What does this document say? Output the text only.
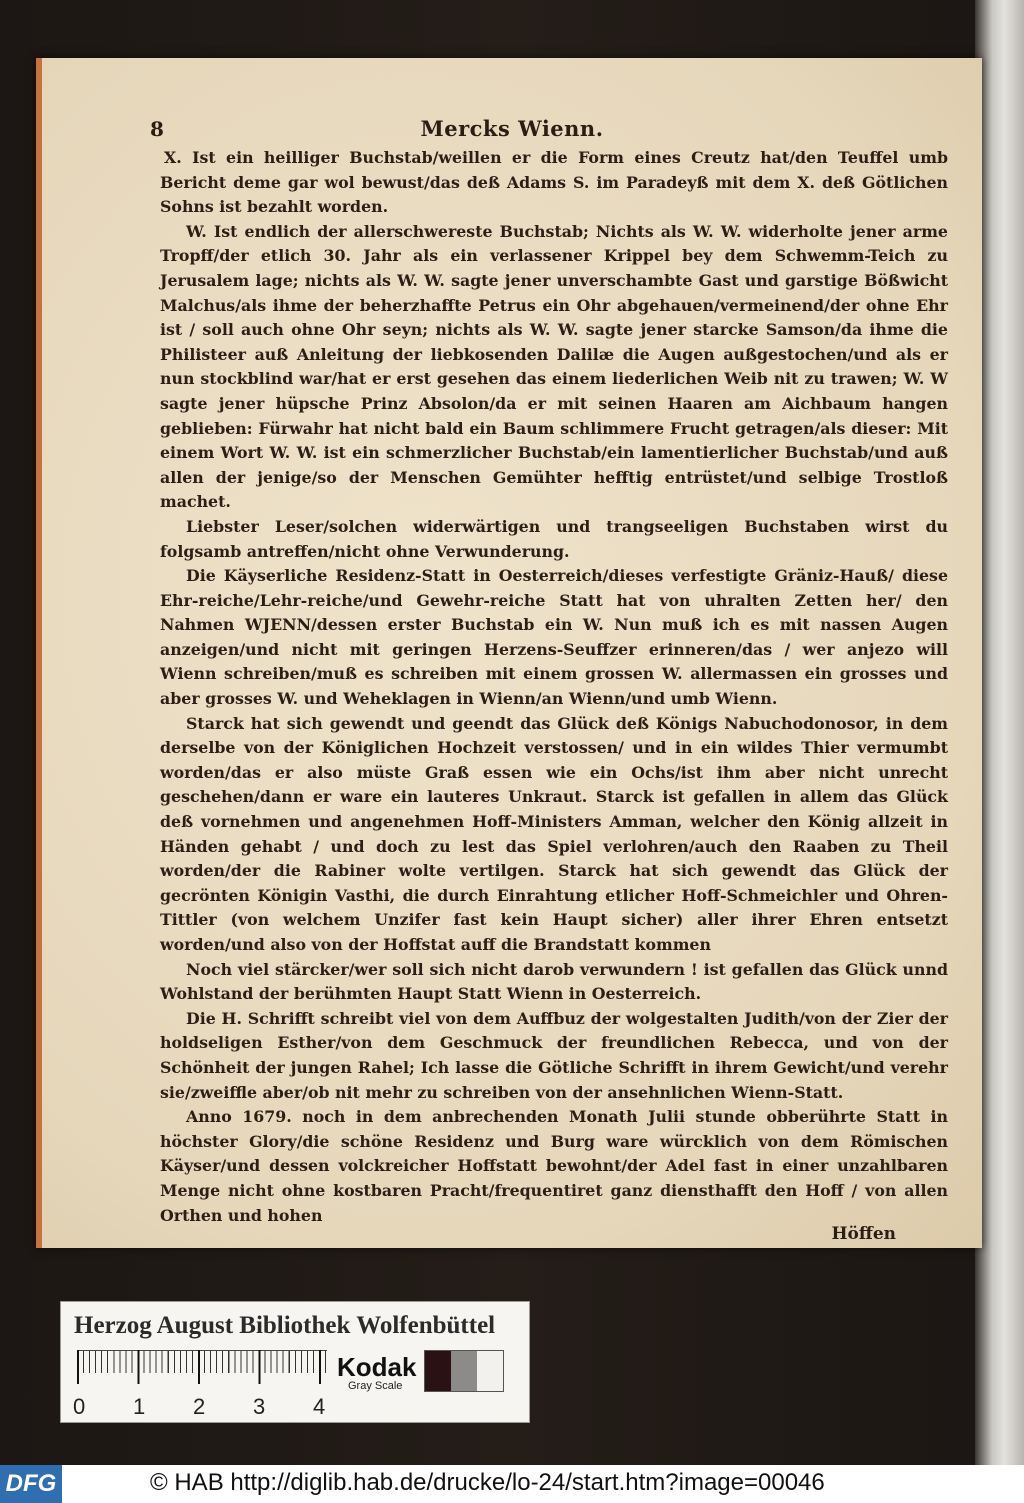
8	Mercks Wienn.

X. Ist ein heilliger Buchstab/weillen er die Form eines Creutz hat/den Teuffel umb Bericht deme gar wol bewust/das deß Adams S. im Paradeyß mit dem X. deß Götlichen Sohns ist bezahlt worden.

W. Ist endlich der allerschwereste Buchstab; Nichts als W. W. widerholte jener arme Tropff/der etlich 30. Jahr als ein verlassener Krippel bey dem Schwemm-Teich zu Jerusalem lage; nichts als W. W. sagte jener unverschambte Gast und garstige Bößwicht Malchus/als ihme der beherzhaffte Petrus ein Ohr abgehauen/vermeinend/der ohne Ehr ist / soll auch ohne Ohr seyn; nichts als W. W. sagte jener starcke Samson/da ihme die Philisteer auß Anleitung der liebkosenden Dalilæ die Augen außgestochen/und als er nun stockblind war/hat er erst gesehen das einem liederlichen Weib nit zu trawen; W. W sagte jener hüpsche Prinz Absolon/da er mit seinen Haaren am Aichbaum hangen geblieben: Fürwahr hat nicht bald ein Baum schlimmere Frucht getragen/als dieser: Mit einem Wort W. W. ist ein schmerzlicher Buchstab/ein lamentierlicher Buchstab/und auß allen der jenige/so der Menschen Gemühter hefftig entrüstet/und selbige Trostloß machet.

Liebster Leser/solchen widerwärtigen und trangseeligen Buchstaben wirst du folgsamb antreffen/nicht ohne Verwunderung.

Die Käyserliche Residenz-Statt in Oesterreich/dieses verfestigte Gräniz-Hauß/ diese Ehr-reiche/Lehr-reiche/und Gewehr-reiche Statt hat von uhralten Zetten her/ den Nahmen WJENN/dessen erster Buchstab ein W. Nun muß ich es mit nassen Augen anzeigen/und nicht mit geringen Herzens-Seuffzer erinneren/das / wer anjezo will Wienn schreiben/muß es schreiben mit einem grossen W. allermassen ein grosses und aber grosses W. und Weheklagen in Wienn/an Wienn/und umb Wienn.

Starck hat sich gewendt und geendt das Glück deß Königs Nabuchodonosor, in dem derselbe von der Königlichen Hochzeit verstossen/ und in ein wildes Thier vermumbt worden/das er also müste Graß essen wie ein Ochs/ist ihm aber nicht unrecht geschehen/dann er ware ein lauteres Unkraut. Starck ist gefallen in allem das Glück deß vornehmen und angenehmen Hoff-Ministers Amman, welcher den König allzeit in Händen gehabt / und doch zu lest das Spiel verlohren/auch den Raaben zu Theil worden/der die Rabiner wolte vertilgen. Starck hat sich gewendt das Glück der gecrönten Königin Vasthi, die durch Einrahtung etlicher Hoff-Schmeichler und Ohren-Tittler (von welchem Unzifer fast kein Haupt sicher) aller ihrer Ehren entsetzt worden/und also von der Hoffstat auff die Brandstatt kommen

Noch viel stärcker/wer soll sich nicht darob verwundern ! ist gefallen das Glück unnd Wohlstand der berühmten Haupt Statt Wienn in Oesterreich.

Die H. Schrifft schreibt viel von dem Auffbuz der wolgestalten Judith/von der Zier der holdseligen Esther/von dem Geschmuck der freundlichen Rebecca, und von der Schönheit der jungen Rahel; Ich lasse die Götliche Schrifft in ihrem Gewicht/und verehr sie/zweiffle aber/ob nit mehr zu schreiben von der ansehnlichen Wienn-Statt.

Anno 1679. noch in dem anbrechenden Monath Julii stunde obberührte Statt in höchster Glory/die schöne Residenz und Burg ware würcklich von dem Römischen Käyser/und dessen volckreicher Hoffstatt bewohnt/der Adel fast in einer unzahlbaren Menge nicht ohne kostbaren Pracht/frequentiret ganz diensthafft den Hoff / von allen Orthen und hohen

Höffen
Herzog August Bibliothek Wolfenbüttel
0 1 2 3 4
Kodak
Gray Scale
DFG	© HAB http://diglib.hab.de/drucke/lo-24/start.htm?image=00046
